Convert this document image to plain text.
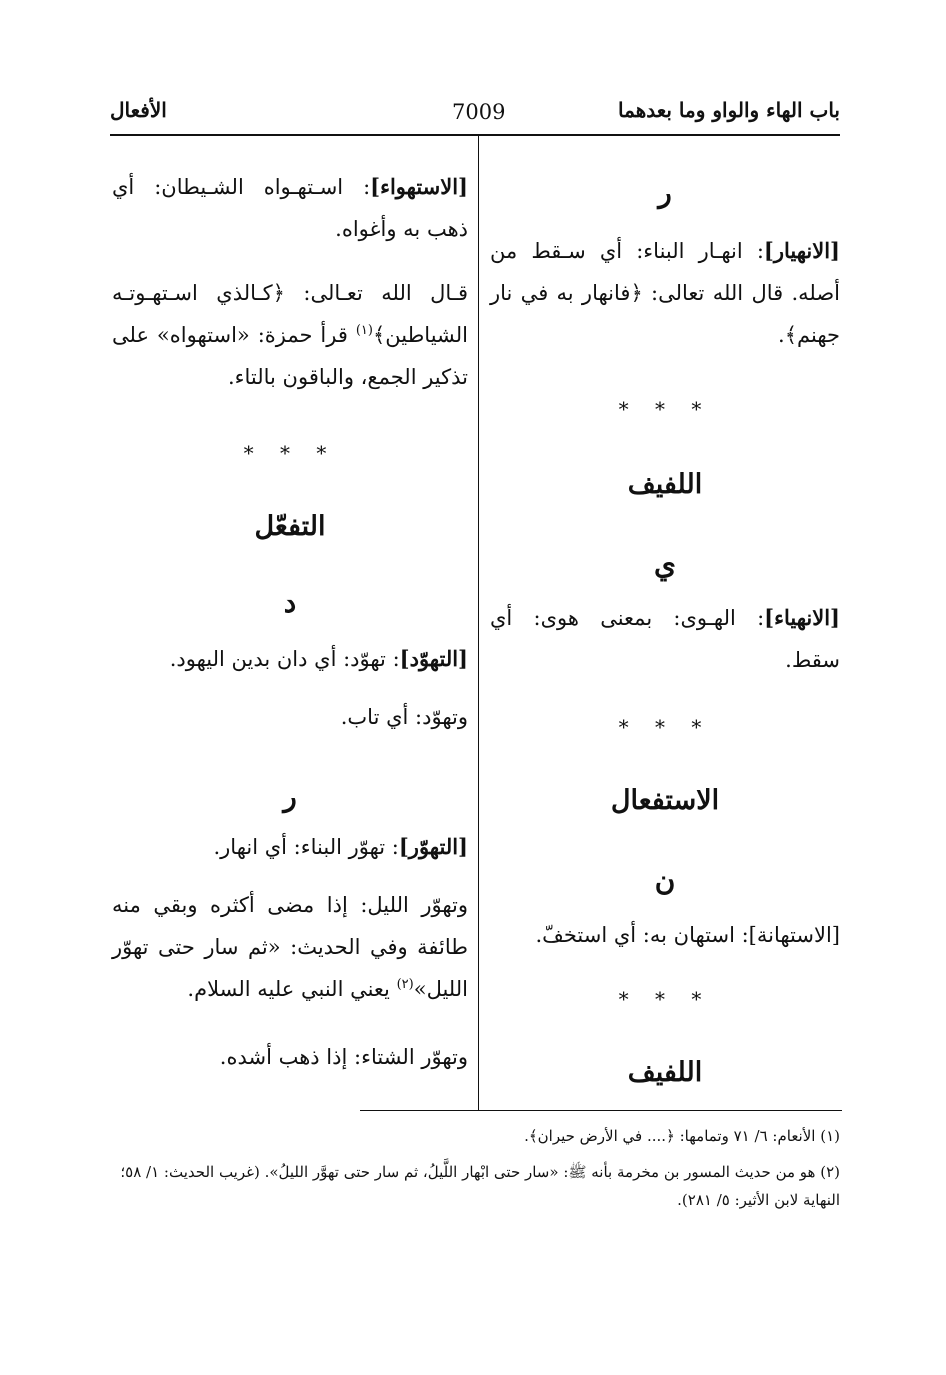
باب الهاء والواو وما بعدهما
7009
الأفعال
ر
[الانهيار]: انهـار البناء: أي سـقط من أصله. قال الله تعالى: ﴿فانهار به في نار جهنم﴾.
* * *
اللفيف
ي
[الانهياء]: الهـوى: بمعنى هوى: أي سقط.
* * *
الاستفعال
ن
[الاستهانة]: استهان به: أي استخفّ.
* * *
اللفيف
[الاستهواء]: اسـتهـواه الشـيطان: أي ذهب به وأغواه.
قـال الله تعـالى: ﴿كـالذي اسـتهـوتـه الشياطين﴾$^{(١)}$ قرأ حمزة: «استهواه» على تذكير الجمع، والباقون بالتاء.
* * *
التفعّل
د
[التهوّد]: تهوّد: أي دان بدين اليهود.
وتهوّد: أي تاب.
ر
[التهوّر]: تهوّر البناء: أي انهار.
وتهوّر الليل: إذا مضى أكثره وبقي منه طائفة وفي الحديث: «ثم سار حتى تهوّر الليل»$^{(٢)}$ يعني النبي عليه السلام.
وتهوّر الشتاء: إذا ذهب أشده.
(١) الأنعام: ٦/ ٧١ وتمامها: ﴿.... في الأرض حيران﴾.
(٢) هو من حديث المسور بن مخرمة بأنه ﷺ: «سار حتى ابْهار اللَّيلُ، ثم سار حتى تهوَّر الليلُ». (غريب الحديث: ١/ ٥٨؛ النهاية لابن الأثير: ٥/ ٢٨١).
